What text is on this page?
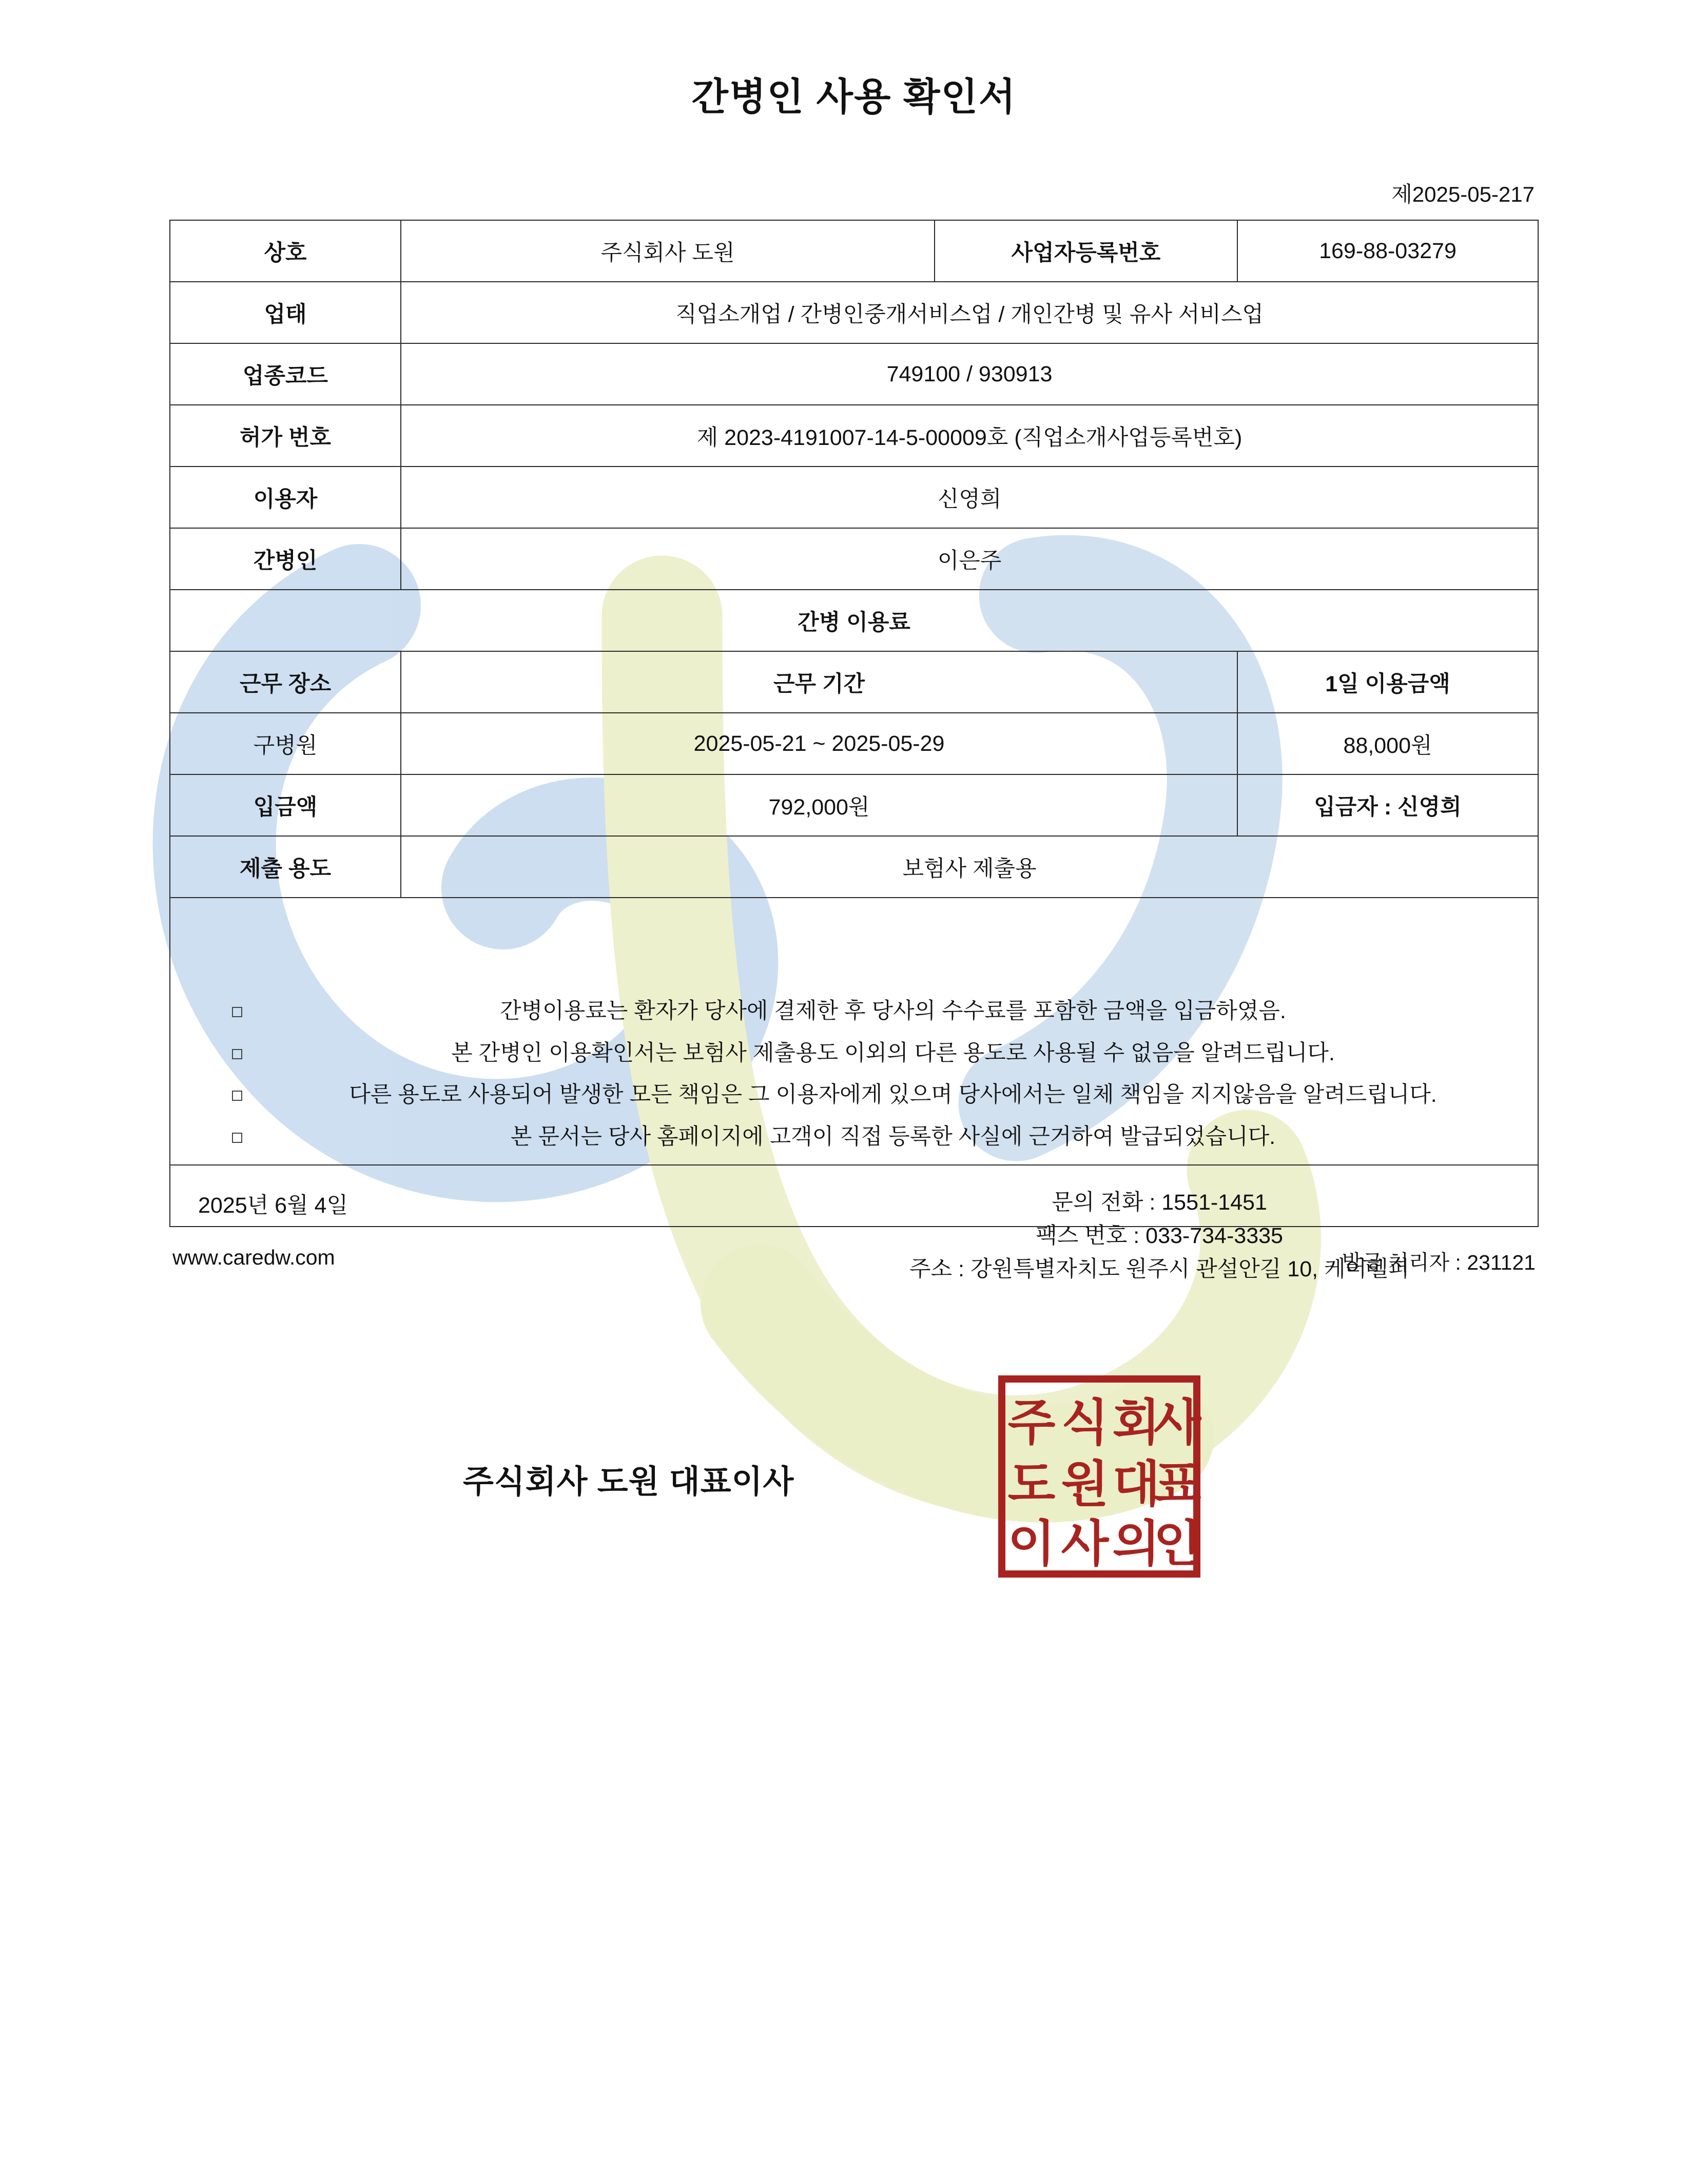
간병인 사용 확인서
제2025-05-217
상호	주식회사 도원	사업자등록번호	169-88-03279
업태	직업소개업 / 간병인중개서비스업 / 개인간병 및 유사 서비스업		
업종코드	749100 / 930913		
허가 번호	제 2023-4191007-14-5-00009호 (직업소개사업등록번호)		
이용자	신영희		
간병인	이은주		
간병 이용료			
근무 장소	근무 기간		1일 이용금액
구병원	2025-05-21 ~ 2025-05-29		88,000원
입금액	792,000원		입금자 : 신영희
제출 용도	보험사 제출용		

간병이용료는 환자가 당사에 결제한 후 당사의 수수료를 포함한 금액을 입금하였음.
본 간병인 이용확인서는 보험사 제출용도 이외의 다른 용도로 사용될 수 없음을 알려드립니다.
다른 용도로 사용되어 발생한 모든 책임은 그 이용자에게 있으며 당사에서는 일체 책임을 지지않음을 알려드립니다.
본 문서는 당사 홈페이지에 고객이 직접 등록한 사실에 근거하여 발급되었습니다.

2025년 6월 4일	문의 전화 : 1551-1451
팩스 번호 : 033-734-3335
주소 : 강원특별자치도 원주시 관설안길 10, 케어헬퍼
주식회사 도원 대표이사
주 식 회
사
도 원 대
표
이 사 의
인
www.caredw.com	발급 처리자 : 231121
